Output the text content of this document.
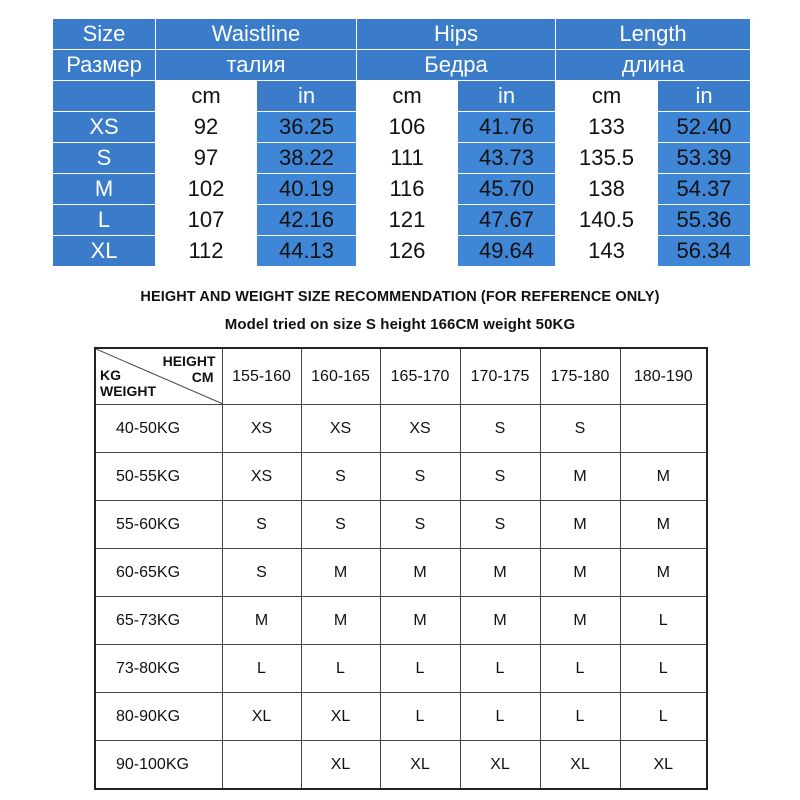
Size	Waistline		Hips		Length	
Размер	талия		Бедра		длина	
	cm	in	cm	in	cm	in
XS	92	36.25	106	41.76	133	52.40
S	97	38.22	111	43.73	135.5	53.39
M	102	40.19	116	45.70	138	54.37
L	107	42.16	121	47.67	140.5	55.36
XL	112	44.13	126	49.64	143	56.34
HEIGHT AND WEIGHT SIZE RECOMMENDATION (FOR REFERENCE ONLY)
Model tried on size S height 166CM weight 50KG
HEIGHT
CM
KG
WEIGHT	155-160	160-165	165-170	170-175	175-180	180-190
40-50KG	XS	XS	XS	S	S	
50-55KG	XS	S	S	S	M	M
55-60KG	S	S	S	S	M	M
60-65KG	S	M	M	M	M	M
65-73KG	M	M	M	M	M	L
73-80KG	L	L	L	L	L	L
80-90KG	XL	XL	L	L	L	L
90-100KG		XL	XL	XL	XL	XL
